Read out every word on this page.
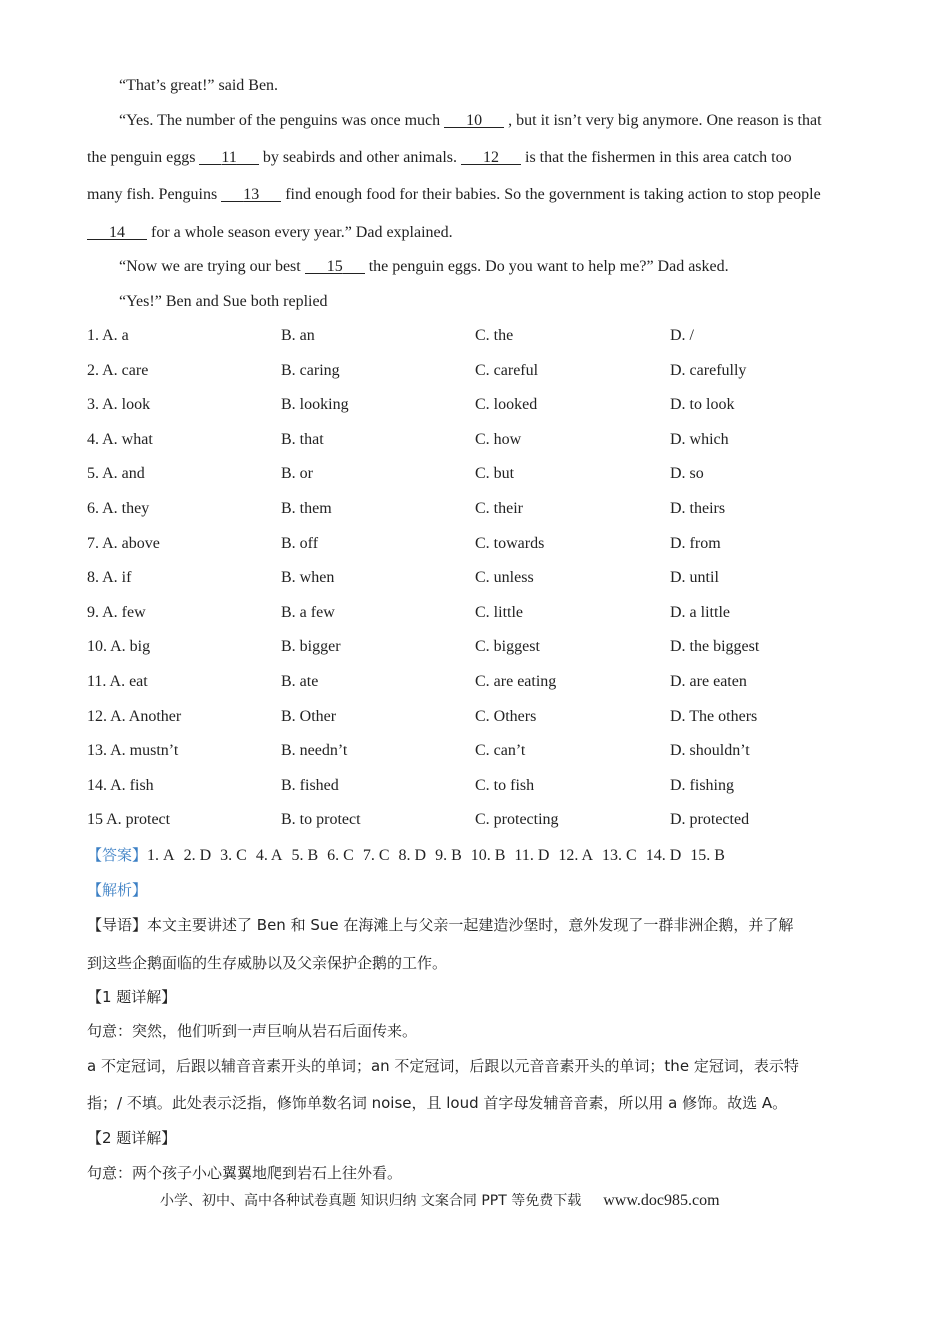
“That’s great!” said Ben.
“Yes. The number of the penguins was once much 10 , but it isn’t very big anymore. One reason is that
the penguin eggs 11 by seabirds and other animals. 12 is that the fishermen in this area catch too
many fish. Penguins 13 find enough food for their babies. So the government is taking action to stop people
14 for a whole season every year.” Dad explained.
“Now we are trying our best 15 the penguin eggs. Do you want to help me?” Dad asked.
“Yes!” Ben and Sue both replied
1. A. a	B. an	C. the	D. /
2. A. care	B. caring	C. careful	D. carefully
3. A. look	B. looking	C. looked	D. to look
4. A. what	B. that	C. how	D. which
5. A. and	B. or	C. but	D. so
6. A. they	B. them	C. their	D. theirs
7. A. above	B. off	C. towards	D. from
8. A. if	B. when	C. unless	D. until
9. A. few	B. a few	C. little	D. a little
10. A. big	B. bigger	C. biggest	D. the biggest
11. A. eat	B. ate	C. are eating	D. are eaten
12. A. Another	B. Other	C. Others	D. The others
13. A. mustn’t	B. needn’t	C. can’t	D. shouldn’t
14. A. fish	B. fished	C. to fish	D. fishing
15 A. protect	B. to protect	C. protecting	D. protected
【答案】1. A 2. D 3. C 4. A 5. B 6. C 7. C 8. D 9. B 10. B 11. D 12. A 13. C 14. D 15. B
【解析】
【导语】本文主要讲述了 Ben 和 Sue 在海滩上与父亲一起建造沙堡时，意外发现了一群非洲企鹅，并了解
到这些企鹅面临的生存威胁以及父亲保护企鹅的工作。
【1 题详解】
句意：突然，他们听到一声巨响从岩石后面传来。
a 不定冠词，后跟以辅音音素开头的单词；an 不定冠词，后跟以元音音素开头的单词；the 定冠词，表示特
指；/ 不填。此处表示泛指，修饰单数名词 noise，且 loud 首字母发辅音音素，所以用 a 修饰。故选 A。
【2 题详解】
句意：两个孩子小心翼翼地爬到岩石上往外看。
小学、初中、高中各种试卷真题 知识归纳 文案合同 PPT 等免费下载 www.doc985.com
